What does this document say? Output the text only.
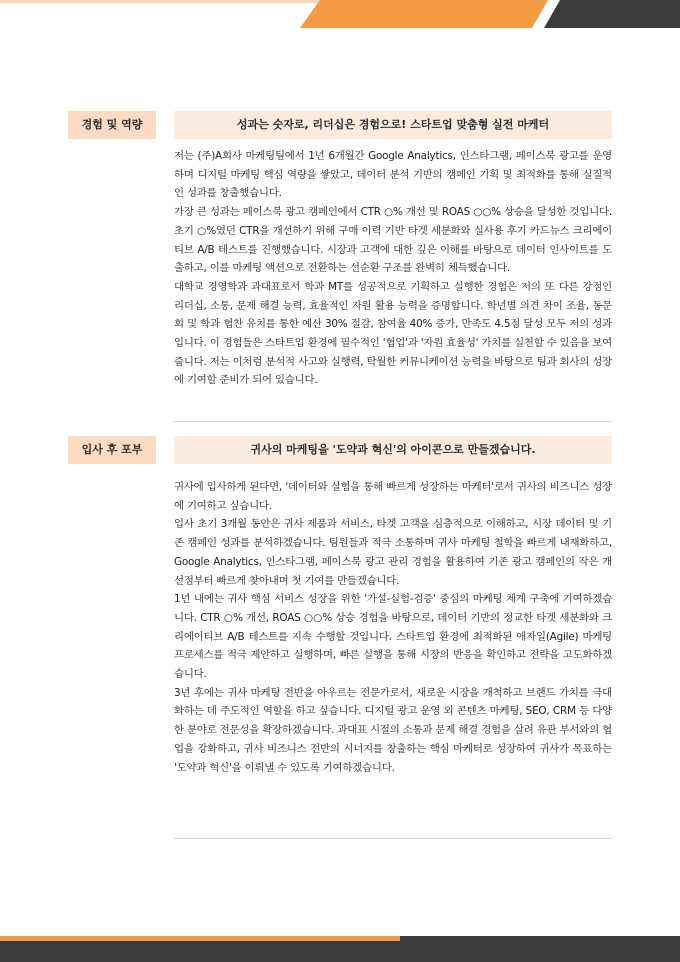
경험 및 역량	성과는 숫자로, 리더십은 경험으로! 스타트업 맞춤형 실전 마케터

저는 (주)A회사 마케팅팀에서 1년 6개월간 Google Analytics, 인스타그램, 페이스북 광고를 운영하며 디지털 마케팅 핵심 역량을 쌓았고, 데이터 분석 기반의 캠페인 기획 및 최적화를 통해 실질적인 성과를 창출했습니다.

가장 큰 성과는 페이스북 광고 캠페인에서 CTR ○% 개선 및 ROAS ○○% 상승을 달성한 것입니다. 초기 ○%였던 CTR을 개선하기 위해 구매 이력 기반 타겟 세분화와 실사용 후기 카드뉴스 크리에이티브 A/B 테스트를 진행했습니다. 시장과 고객에 대한 깊은 이해를 바탕으로 데이터 인사이트를 도출하고, 이를 마케팅 액션으로 전환하는 선순환 구조를 완벽히 체득했습니다.

대학교 경영학과 과대표로서 학과 MT를 성공적으로 기획하고 실행한 경험은 저의 또 다른 강점인 리더십, 소통, 문제 해결 능력, 효율적인 자원 활용 능력을 증명합니다. 학년별 의견 차이 조율, 동문회 및 학과 협찬 유치를 통한 예산 30% 절감, 참여율 40% 증가, 만족도 4.5점 달성 모두 저의 성과입니다. 이 경험들은 스타트업 환경에 필수적인 '협업'과 '자원 효율성' 가치를 실천할 수 있음을 보여줍니다. 저는 이처럼 분석적 사고와 실행력, 탁월한 커뮤니케이션 능력을 바탕으로 팀과 회사의 성장에 기여할 준비가 되어 있습니다.

입사 후 포부	귀사의 마케팅을 '도약과 혁신'의 아이콘으로 만들겠습니다.

귀사에 입사하게 된다면, '데이터와 실험을 통해 빠르게 성장하는 마케터'로서 귀사의 비즈니스 성장에 기여하고 싶습니다.

입사 초기 3개월 동안은 귀사 제품과 서비스, 타겟 고객을 심층적으로 이해하고, 시장 데이터 및 기존 캠페인 성과를 분석하겠습니다. 팀원들과 적극 소통하며 귀사 마케팅 철학을 빠르게 내재화하고, Google Analytics, 인스타그램, 페이스북 광고 관리 경험을 활용하여 기존 광고 캠페인의 작은 개선점부터 빠르게 찾아내며 첫 기여를 만들겠습니다.

1년 내에는 귀사 핵심 서비스 성장을 위한 '가설-실험-검증' 중심의 마케팅 체계 구축에 기여하겠습니다. CTR ○% 개선, ROAS ○○% 상승 경험을 바탕으로, 데이터 기반의 정교한 타겟 세분화와 크리에이티브 A/B 테스트를 지속 수행할 것입니다. 스타트업 환경에 최적화된 애자일(Agile) 마케팅 프로세스를 적극 제안하고 실행하며, 빠른 실행을 통해 시장의 반응을 확인하고 전략을 고도화하겠습니다.

3년 후에는 귀사 마케팅 전반을 아우르는 전문가로서, 새로운 시장을 개척하고 브랜드 가치를 극대화하는 데 주도적인 역할을 하고 싶습니다. 디지털 광고 운영 외 콘텐츠 마케팅, SEO, CRM 등 다양한 분야로 전문성을 확장하겠습니다. 과대표 시절의 소통과 문제 해결 경험을 살려 유관 부서와의 협업을 강화하고, 귀사 비즈니스 전반의 시너지를 창출하는 핵심 마케터로 성장하여 귀사가 목표하는 '도약과 혁신'을 이뤄낼 수 있도록 기여하겠습니다.
